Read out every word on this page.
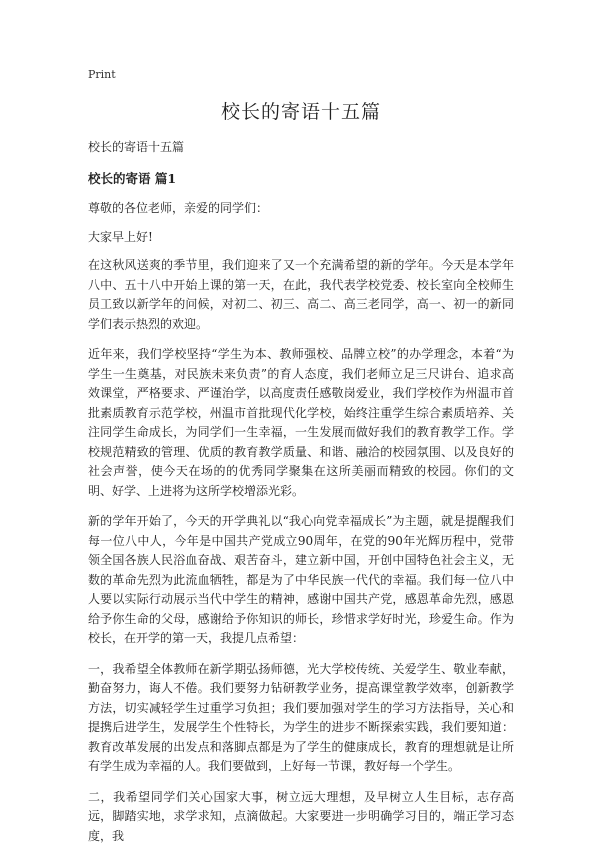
Print
校长的寄语十五篇
校长的寄语十五篇
校长的寄语 篇1

尊敬的各位老师，亲爱的同学们：

大家早上好!

在这秋风送爽的季节里，我们迎来了又一个充满希望的新的学年。今天是本学年八中、五十八中开始上课的第一天，在此，我代表学校党委、校长室向全校师生员工致以新学年的问候，对初二、初三、高二、高三老同学，高一、初一的新同学们表示热烈的欢迎。

近年来，我们学校坚持“学生为本、教师强校、品牌立校”的办学理念，本着“为学生一生奠基，对民族未来负责”的育人态度，我们老师立足三尺讲台、追求高效课堂，严格要求、严谨治学，以高度责任感敬岗爱业，我们学校作为州温市首批素质教育示范学校，州温市首批现代化学校，始终注重学生综合素质培养、关注同学生命成长，为同学们一生幸福，一生发展而做好我们的教育教学工作。学校规范精致的管理、优质的教育教学质量、和谐、融洽的校园氛围、以及良好的社会声誉，使今天在场的的优秀同学聚集在这所美丽而精致的校园。你们的文明、好学、上进将为这所学校增添光彩。

新的学年开始了，今天的开学典礼以“我心向党幸福成长”为主题，就是提醒我们每一位八中人，今年是中国共产党成立90周年，在党的90年光辉历程中，党带领全国各族人民浴血奋战、艰苦奋斗，建立新中国，开创中国特色社会主义，无数的革命先烈为此流血牺牲，都是为了中华民族一代代的幸福。我们每一位八中人要以实际行动展示当代中学生的精神，感谢中国共产党，感恩革命先烈，感恩给予你生命的父母，感谢给予你知识的师长，珍惜求学好时光，珍爱生命。作为校长，在开学的第一天，我提几点希望：

一，我希望全体教师在新学期弘扬师德，光大学校传统、关爱学生、敬业奉献，勤奋努力，诲人不倦。我们要努力钻研教学业务，提高课堂教学效率，创新教学方法，切实减轻学生过重学习负担；我们要加强对学生的学习方法指导，关心和提携后进学生，发展学生个性特长，为学生的进步不断探索实践，我们要知道：教育改革发展的出发点和落脚点都是为了学生的健康成长，教育的理想就是让所有学生成为幸福的人。我们要做到，上好每一节课，教好每一个学生。

二，我希望同学们关心国家大事，树立远大理想，及早树立人生目标，志存高远，脚踏实地，求学求知，点滴做起。大家要进一步明确学习目的，端正学习态度，我
